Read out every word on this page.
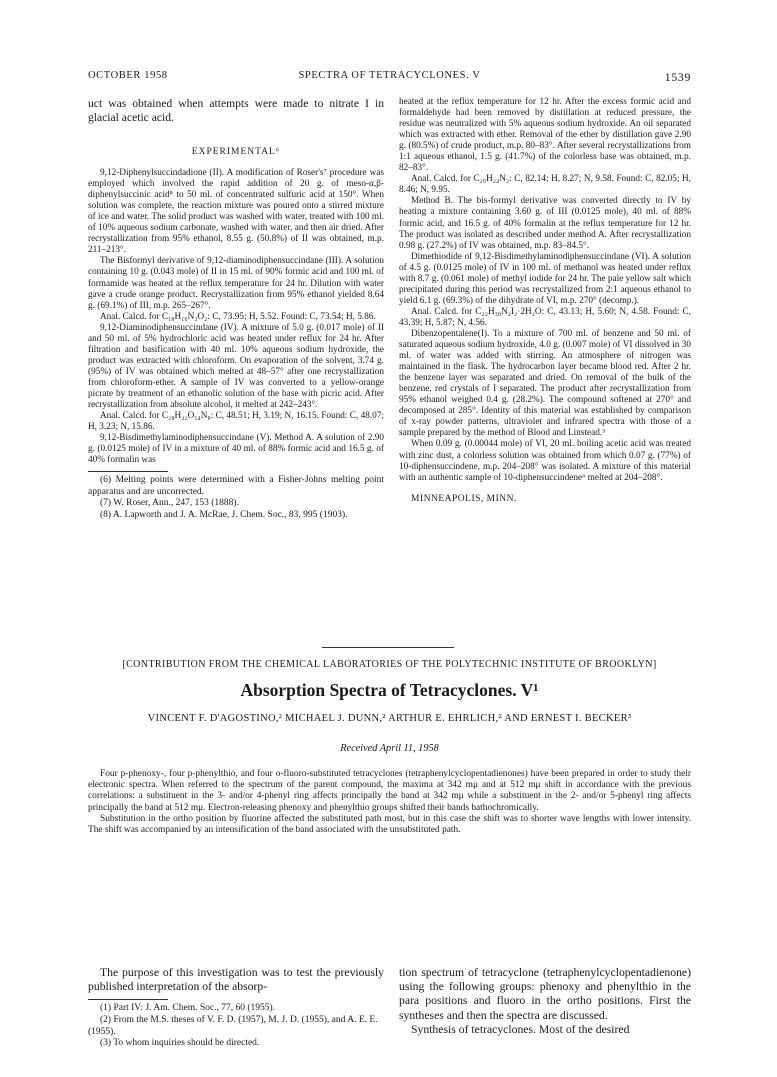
OCTOBER 1958	SPECTRA OF TETRACYCLONES. V	1539

uct was obtained when attempts were made to nitrate I in glacial acetic acid.

EXPERIMENTAL⁶

9,12-Diphenylsuccindadione (II). A modification of Roser's⁷ procedure was employed which involved the rapid addition of 20 g. of meso-α,β-diphenylsuccinic acid⁸ to 50 ml. of concentrated sulfuric acid at 150°. When solution was complete, the reaction mixture was poured onto a stirred mixture of ice and water. The solid product was washed with water, treated with 100 ml. of 10% aqueous sodium carbonate, washed with water, and then air dried. After recrystallization from 95% ethanol, 8.55 g. (50.8%) of II was obtained, m.p. 211–213°.

The Bisformyl derivative of 9,12-diaminodiphensuccindane (III). A solution containing 10 g. (0.043 mole) of II in 15 ml. of 90% formic acid and 100 ml. of formamide was heated at the reflux temperature for 24 hr. Dilution with water gave a crude orange product. Recrystallization from 95% ethanol yielded 8.64 g. (69.1%) of III, m.p. 265–267°.

Anal. Calcd. for C₁₈H₁₆N₂O₂: C, 73.95; H, 5.52. Found: C, 73.54; H, 5.86.

9,12-Diaminodiphensuccindane (IV). A mixture of 5.0 g. (0.017 mole) of II and 50 ml. of 5% hydrochloric acid was heated under reflux for 24 hr. After filtration and basification with 40 ml. 10% aqueous sodium hydroxide, the product was extracted with chloroform. On evaporation of the solvent, 3.74 g. (95%) of IV was obtained which melted at 48–57° after one recrystallization from chloroform-ether. A sample of IV was converted to a yellow-orange picrate by treatment of an ethanolic solution of the base with picric acid. After recrystallization from absolute alcohol, it melted at 242–243°.

Anal. Calcd. for C₂₈H₂₂O₁₄N₈: C, 48.51; H, 3.19; N, 16.15. Found: C, 48.07; H, 3.23; N, 15.86.

9,12-Bisdimethylaminodiphensuccindane (V). Method A. A solution of 2.90 g. (0.0125 mole) of IV in a mixture of 40 ml. of 88% formic acid and 16.5 g. of 40% formalin was

(6) Melting points were determined with a Fisher-Johns melting point apparatus and are uncorrected.

(7) W. Roser, Ann., 247, 153 (1888).

(8) A. Lapworth and J. A. McRae, J. Chem. Soc., 83, 995 (1903).

heated at the reflux temperature for 12 hr. After the excess formic acid and formaldehyde had been removed by distillation at reduced pressure, the residue was neutralized with 5% aqueous sodium hydroxide. An oil separated which was extracted with ether. Removal of the ether by distillation gave 2.90 g. (80.5%) of crude product, m.p. 80–83°. After several recrystallizations from 1:1 aqueous ethanol, 1.5 g. (41.7%) of the colorless base was obtained, m.p. 82–83°.

Anal. Calcd. for C₂₀H₂₄N₂: C, 82.14; H, 8.27; N, 9.58. Found: C, 82.05; H, 8.46; N, 9.95.

Method B. The bis-formyl derivative was converted directly to IV by heating a mixture containing 3.60 g. of III (0.0125 mole), 40 ml. of 88% formic acid, and 16.5 g. of 40% formalin at the reflux temperature for 12 hr. The product was isolated as described under method A. After recrystallization 0.98 g. (27.2%) of IV was obtained, m.p. 83–84.5°.

Dimethiodide of 9,12-Bisdimethylaminodiphensuccindane (VI). A solution of 4.5 g. (0.0125 mole) of IV in 100 ml. of methanol was heated under reflux with 8.7 g. (0.061 mole) of methyl iodide for 24 hr. The pale yellow salt which precipitated during this period was recrystallized from 2:1 aqueous ethanol to yield 6.1 g. (69.3%) of the dihydrate of VI, m.p. 270° (decomp.).

Anal. Calcd. for C₂₂H₃₀N₂I₂·2H₂O: C, 43.13; H, 5.60; N, 4.58. Found: C, 43.39; H, 5.87; N, 4.56.

Dibenzopentalene(I). To a mixture of 700 ml. of benzene and 50 ml. of saturated aqueous sodium hydroxide, 4.0 g. (0.007 mole) of VI dissolved in 30 ml. of water was added with stirring. An atmosphere of nitrogen was maintained in the flask. The hydrocarbon layer became blood red. After 2 hr. the benzene layer was separated and dried. On removal of the bulk of the benzene, red crystals of I separated. The product after recrystallization from 95% ethanol weighed 0.4 g. (28.2%). The compound softened at 270° and decomposed at 285°. Identity of this material was established by comparison of x-ray powder patterns, ultraviolet and infrared spectra with those of a sample prepared by the method of Blood and Linstead.³

When 0.09 g. (0.00044 mole) of VI, 20 ml. boiling acetic acid was treated with zinc dust, a colorless solution was obtained from which 0.07 g. (77%) of 10-diphensuccindene, m.p. 204–208° was isolated. A mixture of this material with an authentic sample of 10-diphensuccindene⁶ melted at 204–208°.

MINNEAPOLIS, MINN.

[CONTRIBUTION FROM THE CHEMICAL LABORATORIES OF THE POLYTECHNIC INSTITUTE OF BROOKLYN]
Absorption Spectra of Tetracyclones. V¹
VINCENT F. D'AGOSTINO,² MICHAEL J. DUNN,² ARTHUR E. EHRLICH,² AND ERNEST I. BECKER³
Received April 11, 1958

Four p-phenoxy-, four p-phenylthio, and four o-fluoro-substituted tetracyclones (tetraphenylcyclopentadienones) have been prepared in order to study their electronic spectra. When referred to the spectrum of the parent compound, the maxima at 342 mμ and at 512 mμ shift in accordance with the previous correlations: a substituent in the 3- and/or 4-phenyl ring affects principally the band at 342 mμ while a substituent in the 2- and/or 5-phenyl ring affects principally the band at 512 mμ. Electron-releasing phenoxy and phenylthio groups shifted their bands bathochromically.

Substitution in the ortho position by fluorine affected the substituted path most, but in this case the shift was to shorter wave lengths with lower intensity. The shift was accompanied by an intensification of the band associated with the unsubstituted path.

The purpose of this investigation was to test the previously published interpretation of the absorp-

(1) Part IV: J. Am. Chem. Soc., 77, 60 (1955).

(2) From the M.S. theses of V. F. D. (1957), M. J. D. (1955), and A. E. E. (1955).

(3) To whom inquiries should be directed.

tion spectrum of tetracyclone (tetraphenylcyclopentadienone) using the following groups: phenoxy and phenylthio in the para positions and fluoro in the ortho positions. First the syntheses and then the spectra are discussed.

Synthesis of tetracyclones. Most of the desired
